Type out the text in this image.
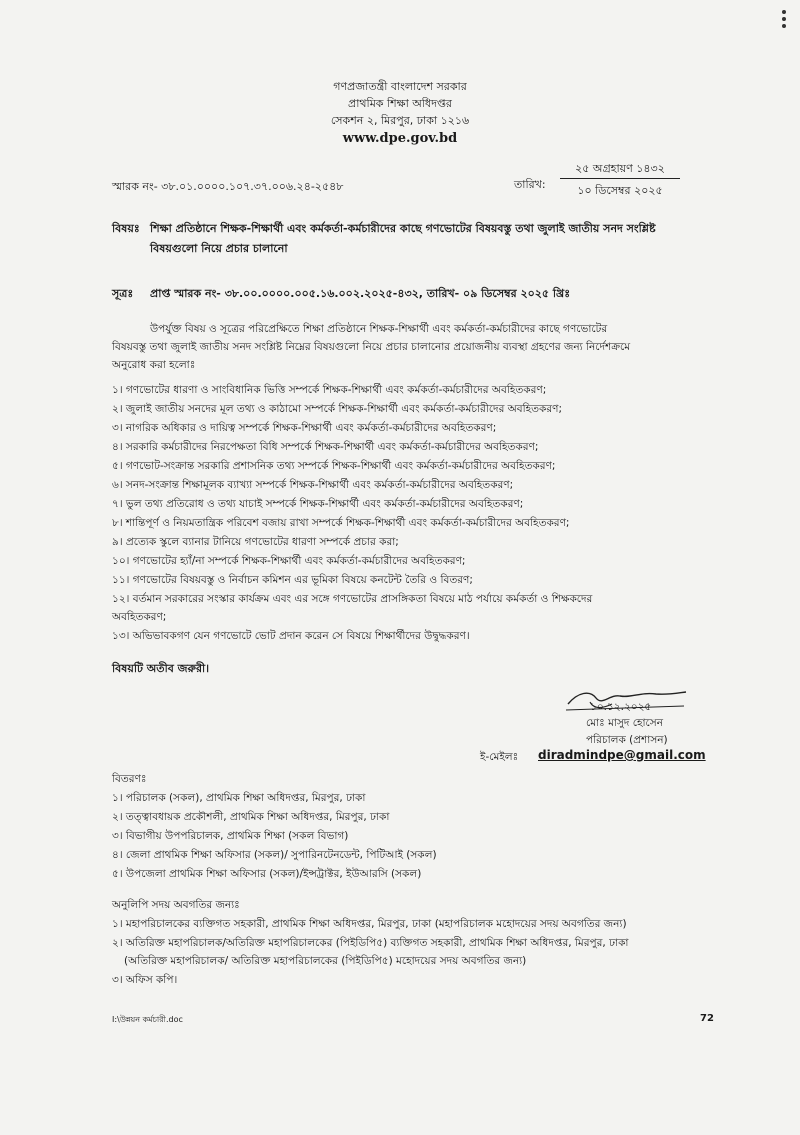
গণপ্রজাতন্ত্রী বাংলাদেশ সরকার
প্রাথমিক শিক্ষা অধিদপ্তর
সেকশন ২, মিরপুর, ঢাকা ১২১৬
www.dpe.gov.bd
স্মারক নং- ৩৮.০১.০০০০.১০৭.৩৭.০০৬.২৪-২৫৪৮	তারিখ:
২৫ অগ্রহায়ণ ১৪৩২
১০ ডিসেম্বর ২০২৫
বিষয়ঃ শিক্ষা প্রতিষ্ঠানে শিক্ষক-শিক্ষার্থী এবং কর্মকর্তা-কর্মচারীদের কাছে গণভোটের বিষয়বস্তু তথা জুলাই জাতীয় সনদ সংশ্লিষ্ট
বিষয়গুলো নিয়ে প্রচার চালানো
সূত্রঃ প্রাপ্ত স্মারক নং- ৩৮.০০.০০০০.০০৫.১৬.০০২.২০২৫-৪৩২, তারিখ- ০৯ ডিসেম্বর ২০২৫ খ্রিঃ
উপর্যুক্ত বিষয় ও সূত্রের পরিপ্রেক্ষিতে শিক্ষা প্রতিষ্ঠানে শিক্ষক-শিক্ষার্থী এবং কর্মকর্তা-কর্মচারীদের কাছে গণভোটের
বিষয়বস্তু তথা জুলাই জাতীয় সনদ সংশ্লিষ্ট নিম্নের বিষয়গুলো নিয়ে প্রচার চালানোর প্রয়োজনীয় ব্যবস্থা গ্রহণের জন্য নির্দেশক্রমে
অনুরোধ করা হলোঃ
১। গণভোটের ধারণা ও সাংবিধানিক ভিত্তি সম্পর্কে শিক্ষক-শিক্ষার্থী এবং কর্মকর্তা-কর্মচারীদের অবহিতকরণ;
২। জুলাই জাতীয় সনদের মূল তথ্য ও কাঠামো সম্পর্কে শিক্ষক-শিক্ষার্থী এবং কর্মকর্তা-কর্মচারীদের অবহিতকরণ;
৩। নাগরিক অধিকার ও দায়িত্ব সম্পর্কে শিক্ষক-শিক্ষার্থী এবং কর্মকর্তা-কর্মচারীদের অবহিতকরণ;
৪। সরকারি কর্মচারীদের নিরপেক্ষতা বিধি সম্পর্কে শিক্ষক-শিক্ষার্থী এবং কর্মকর্তা-কর্মচারীদের অবহিতকরণ;
৫। গণভোট-সংক্রান্ত সরকারি প্রশাসনিক তথ্য সম্পর্কে শিক্ষক-শিক্ষার্থী এবং কর্মকর্তা-কর্মচারীদের অবহিতকরণ;
৬। সনদ-সংক্রান্ত শিক্ষামূলক ব্যাখ্যা সম্পর্কে শিক্ষক-শিক্ষার্থী এবং কর্মকর্তা-কর্মচারীদের অবহিতকরণ;
৭। ভুল তথ্য প্রতিরোধ ও তথ্য যাচাই সম্পর্কে শিক্ষক-শিক্ষার্থী এবং কর্মকর্তা-কর্মচারীদের অবহিতকরণ;
৮। শান্তিপূর্ণ ও নিয়মতান্ত্রিক পরিবেশ বজায় রাখা সম্পর্কে শিক্ষক-শিক্ষার্থী এবং কর্মকর্তা-কর্মচারীদের অবহিতকরণ;
৯। প্রত্যেক স্কুলে ব্যানার টানিয়ে গণভোটের ধারণা সম্পর্কে প্রচার করা;
১০। গণভোটের হ্যাঁ/না সম্পর্কে শিক্ষক-শিক্ষার্থী এবং কর্মকর্তা-কর্মচারীদের অবহিতকরণ;
১১। গণভোটের বিষয়বস্তু ও নির্বাচন কমিশন এর ভূমিকা বিষয়ে কনটেন্ট তৈরি ও বিতরণ;
১২। বর্তমান সরকারের সংস্কার কার্যক্রম এবং এর সঙ্গে গণভোটের প্রাসঙ্গিকতা বিষয়ে মাঠ পর্যায়ে কর্মকর্তা ও শিক্ষকদের
অবহিতকরণ;
১৩। অভিভাবকগণ যেন গণভোটে ভোট প্রদান করেন সে বিষয়ে শিক্ষার্থীদের উদ্বুদ্ধকরণ।
বিষয়টি অতীব জরুরী।
১০.১২.২০২৫
মোঃ মাসুদ হোসেন
পরিচালক (প্রশাসন)
ই-মেইলঃ diradmindpe@gmail.com
বিতরণঃ
১। পরিচালক (সকল), প্রাথমিক শিক্ষা অধিদপ্তর, মিরপুর, ঢাকা
২। তত্ত্বাবধায়ক প্রকৌশলী, প্রাথমিক শিক্ষা অধিদপ্তর, মিরপুর, ঢাকা
৩। বিভাগীয় উপপরিচালক, প্রাথমিক শিক্ষা (সকল বিভাগ)
৪। জেলা প্রাথমিক শিক্ষা অফিসার (সকল)/ সুপারিনটেনডেন্ট, পিটিআই (সকল)
৫। উপজেলা প্রাথমিক শিক্ষা অফিসার (সকল)/ইন্সট্রাক্টর, ইউআরসি (সকল)
অনুলিপি সদয় অবগতির জন্যঃ
১। মহাপরিচালকের ব্যক্তিগত সহকারী, প্রাথমিক শিক্ষা অধিদপ্তর, মিরপুর, ঢাকা (মহাপরিচালক মহোদয়ের সদয় অবগতির জন্য)
২। অতিরিক্ত মহাপরিচালক/অতিরিক্ত মহাপরিচালকের (পিইডিপি৫) ব্যক্তিগত সহকারী, প্রাথমিক শিক্ষা অধিদপ্তর, মিরপুর, ঢাকা
(অতিরিক্ত মহাপরিচালক/ অতিরিক্ত মহাপরিচালকের (পিইডিপি৫) মহোদয়ের সদয় অবগতির জন্য)
৩। অফিস কপি।
I:\উন্নয়ন কর্মচারী.doc	72
